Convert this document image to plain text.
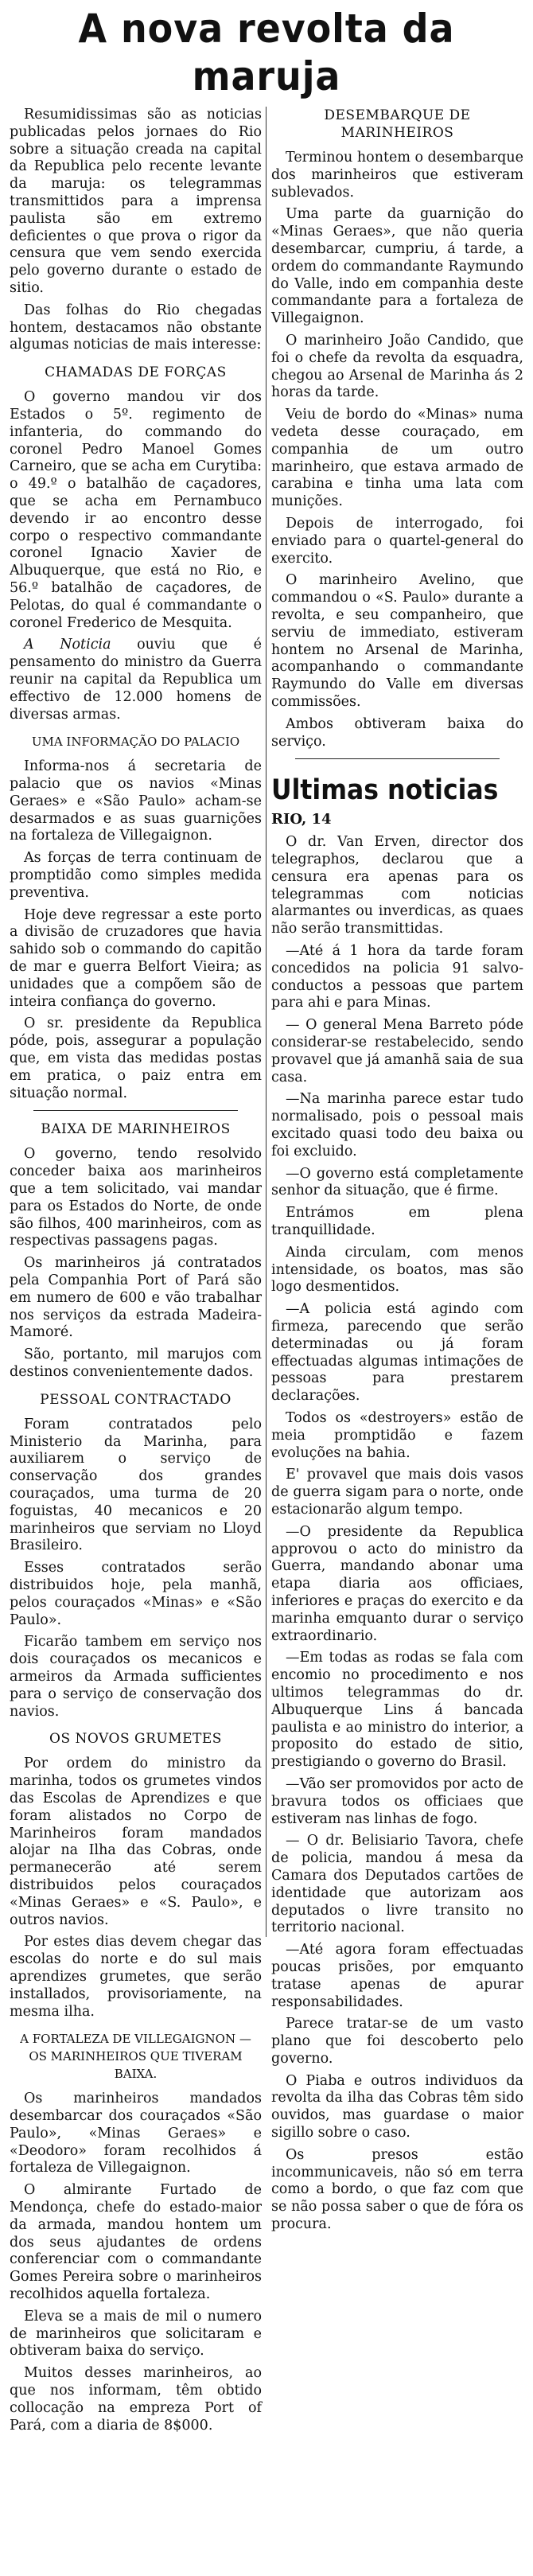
A nova revolta da maruja

Resumidissimas são as noticias publicadas pelos jornaes do Rio sobre a situação creada na capital da Republica pelo recente levante da maruja: os telegrammas transmittidos para a imprensa paulista são em extremo deficientes o que prova o rigor da censura que vem sendo exercida pelo governo durante o estado de sitio.

Das folhas do Rio chegadas hontem, destacamos não obstante algumas noticias de mais interesse:

CHAMADAS DE FORÇAS

O governo mandou vir dos Estados o 5º. regimento de infanteria, do commando do coronel Pedro Manoel Gomes Carneiro, que se acha em Curytiba: o 49.º o batalhão de caçadores, que se acha em Pernambuco devendo ir ao encontro desse corpo o respectivo commandante coronel Ignacio Xavier de Albuquerque, que está no Rio, e 56.º batalhão de caçadores, de Pelotas, do qual é commandante o coronel Frederico de Mesquita.

A Noticia ouviu que é pensamento do ministro da Guerra reunir na capital da Republica um effectivo de 12.000 homens de diversas armas.

UMA INFORMAÇÃO DO PALACIO

Informa-nos á secretaria de palacio que os navios «Minas Geraes» e «São Paulo» acham-se desarmados e as suas guarnições na fortaleza de Villegaignon.

As forças de terra continuam de promptidão como simples medida preventiva.

Hoje deve regressar a este porto a divisão de cruzadores que havia sahido sob o commando do capitão de mar e guerra Belfort Vieira; as unidades que a compõem são de inteira confiança do governo.

O sr. presidente da Republica póde, pois, assegurar a população que, em vista das medidas postas em pratica, o paiz entra em situação normal.

BAIXA DE MARINHEIROS

O governo, tendo resolvido conceder baixa aos marinheiros que a tem solicitado, vai mandar para os Estados do Norte, de onde são filhos, 400 marinheiros, com as respectivas passagens pagas.

Os marinheiros já contratados pela Companhia Port of Pará são em numero de 600 e vão trabalhar nos serviços da estrada Madeira-Mamoré.

São, portanto, mil marujos com destinos convenientemente dados.

PESSOAL CONTRACTADO

Foram contratados pelo Ministerio da Marinha, para auxiliarem o serviço de conservação dos grandes couraçados, uma turma de 20 foguistas, 40 mecanicos e 20 marinheiros que serviam no Lloyd Brasileiro.

Esses contratados serão distribuidos hoje, pela manhã, pelos couraçados «Minas» e «São Paulo».

Ficarão tambem em serviço nos dois couraçados os mecanicos e armeiros da Armada sufficientes para o serviço de conservação dos navios.

OS NOVOS GRUMETES

Por ordem do ministro da marinha, todos os grumetes vindos das Escolas de Aprendizes e que foram alistados no Corpo de Marinheiros foram mandados alojar na Ilha das Cobras, onde permanecerão até serem distribuidos pelos couraçados «Minas Geraes» e «S. Paulo», e outros navios.

Por estes dias devem chegar das escolas do norte e do sul mais aprendizes grumetes, que serão installados, provisoriamente, na mesma ilha.

A FORTALEZA DE VILLEGAIGNON — OS MARINHEIROS QUE TIVERAM BAIXA.

Os marinheiros mandados desembarcar dos couraçados «São Paulo», «Minas Geraes» e «Deodoro» foram recolhidos á fortaleza de Villegaignon.

O almirante Furtado de Mendonça, chefe do estado-maior da armada, mandou hontem um dos seus ajudantes de ordens conferenciar com o commandante Gomes Pereira sobre o marinheiros recolhidos aquella fortaleza.

Eleva se a mais de mil o numero de marinheiros que solicitaram e obtiveram baixa do serviço.

Muitos desses marinheiros, ao que nos informam, têm obtido collocação na empreza Port of Pará, com a diaria de 8$000.

DESEMBARQUE DE MARINHEIROS

Terminou hontem o desembarque dos marinheiros que estiveram sublevados.

Uma parte da guarnição do «Minas Geraes», que não queria desembarcar, cumpriu, á tarde, a ordem do commandante Raymundo do Valle, indo em companhia deste commandante para a fortaleza de Villegaignon.

O marinheiro João Candido, que foi o chefe da revolta da esquadra, chegou ao Arsenal de Marinha ás 2 horas da tarde.

Veiu de bordo do «Minas» numa vedeta desse couraçado, em companhia de um outro marinheiro, que estava armado de carabina e tinha uma lata com munições.

Depois de interrogado, foi enviado para o quartel-general do exercito.

O marinheiro Avelino, que commandou o «S. Paulo» durante a revolta, e seu companheiro, que serviu de immediato, estiveram hontem no Arsenal de Marinha, acompanhando o commandante Raymundo do Valle em diversas commissões.

Ambos obtiveram baixa do serviço.

Ultimas noticias
RIO, 14

O dr. Van Erven, director dos telegraphos, declarou que a censura era apenas para os telegrammas com noticias alarmantes ou inverdicas, as quaes não serão transmittidas.

—Até á 1 hora da tarde foram concedidos na policia 91 salvo-conductos a pessoas que partem para ahi e para Minas.

— O general Mena Barreto póde considerar-se restabelecido, sendo provavel que já amanhã saia de sua casa.

—Na marinha parece estar tudo normalisado, pois o pessoal mais excitado quasi todo deu baixa ou foi excluido.

—O governo está completamente senhor da situação, que é firme.

Entrámos em plena tranquillidade.

Ainda circulam, com menos intensidade, os boatos, mas são logo desmentidos.

—A policia está agindo com firmeza, parecendo que serão determinadas ou já foram effectuadas algumas intimações de pessoas para prestarem declarações.

Todos os «destroyers» estão de meia promptidão e fazem evoluções na bahia.

E' provavel que mais dois vasos de guerra sigam para o norte, onde estacionarão algum tempo.

—O presidente da Republica approvou o acto do ministro da Guerra, mandando abonar uma etapa diaria aos officiaes, inferiores e praças do exercito e da marinha emquanto durar o serviço extraordinario.

—Em todas as rodas se fala com encomio no procedimento e nos ultimos telegrammas do dr. Albuquerque Lins á bancada paulista e ao ministro do interior, a proposito do estado de sitio, prestigiando o governo do Brasil.

—Vão ser promovidos por acto de bravura todos os officiaes que estiveram nas linhas de fogo.

— O dr. Belisiario Tavora, chefe de policia, mandou á mesa da Camara dos Deputados cartões de identidade que autorizam aos deputados o livre transito no territorio nacional.

—Até agora foram effectuadas poucas prisões, por emquanto tratase apenas de apurar responsabilidades.

Parece tratar-se de um vasto plano que foi descoberto pelo governo.

O Piaba e outros individuos da revolta da ilha das Cobras têm sido ouvidos, mas guardase o maior sigillo sobre o caso.

Os presos estão incommunicaveis, não só em terra como a bordo, o que faz com que se não possa saber o que de fóra os procura.
